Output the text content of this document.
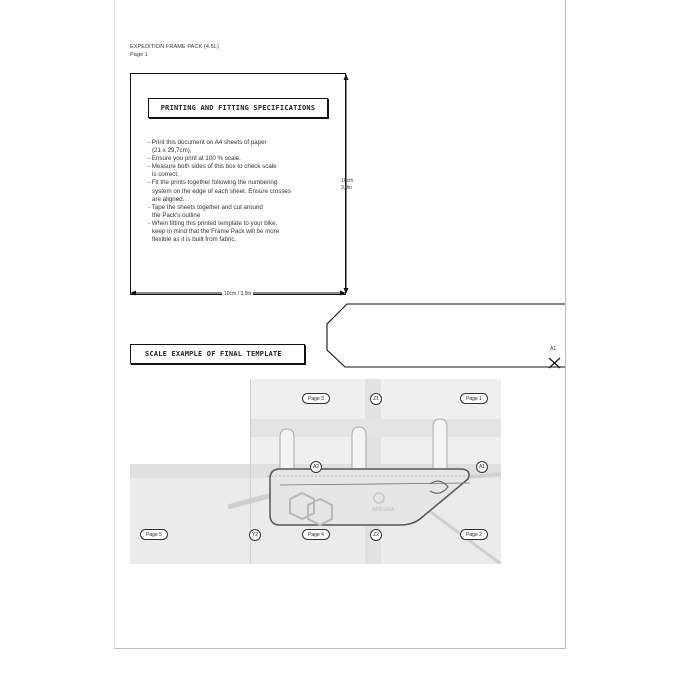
EXPEDITION FRAME PACK (4.5L)
Page 1
PRINTING AND FITTING SPECIFICATIONS
- Print this document on A4 sheets of paper
(21 x 29,7cm),
- Ensure you print at 100 % scale.
- Measure both sides of this box to check scale
is correct.
- Fit the prints together following the numbering
system on the edge of each sheet. Ensure crosses
are aligned.
- Tape the sheets together and cut around
the Pack's outline
- When fitting this printed template to your bike,
keep in mind that the Frame Pack will be more
flexible as it is built from fabric.
10cm
3,9in
10cm / 3,9in
A1
SCALE EXAMPLE OF FINAL TEMPLATE
APIDURA
Page 3	Z1	Page 1
A2	A1
Page 5	Y2	Page 4	Z2	Page 2
